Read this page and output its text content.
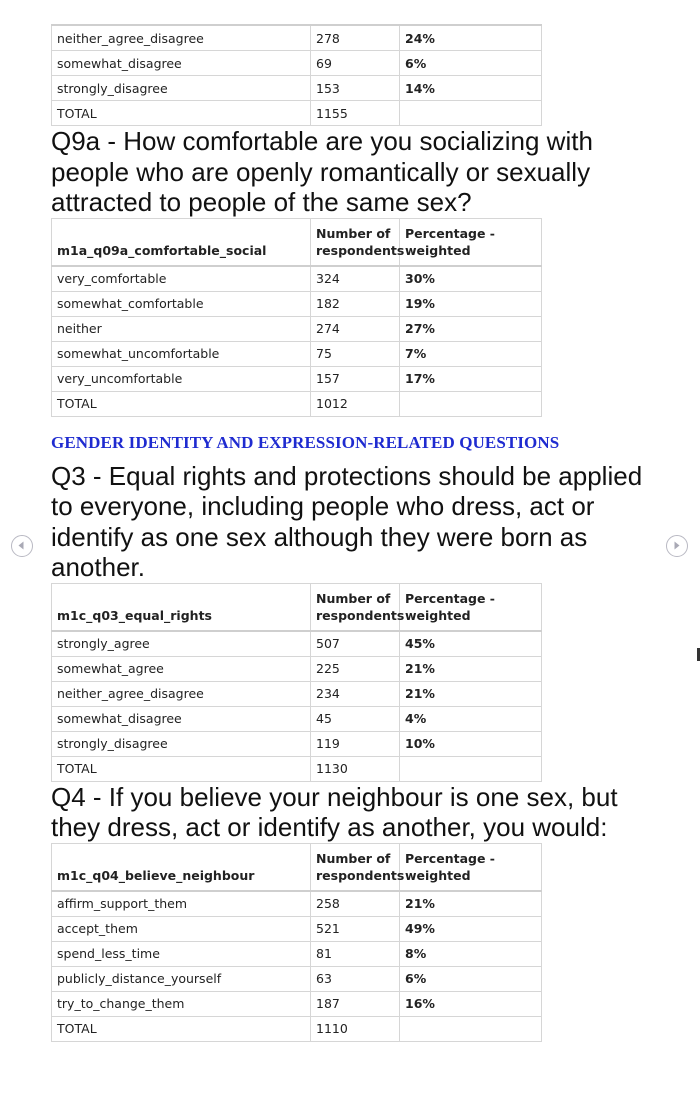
neither_agree_disagree	278	24%
somewhat_disagree	69	6%
strongly_disagree	153	14%
TOTAL	1155	
Q9a - How comfortable are you socializing with people who are openly romantically or sexually attracted to people of the same sex?
	Number of	Percentage -
m1a_q09a_comfortable_social	respondents	weighted
very_comfortable	324	30%
somewhat_comfortable	182	19%
neither	274	27%
somewhat_uncomfortable	75	7%
very_uncomfortable	157	17%
TOTAL	1012	
GENDER IDENTITY AND EXPRESSION-RELATED QUESTIONS
Q3 - Equal rights and protections should be applied to everyone, including people who dress, act or identify as one sex although they were born as another.
	Number of	Percentage -
m1c_q03_equal_rights	respondents	weighted
strongly_agree	507	45%
somewhat_agree	225	21%
neither_agree_disagree	234	21%
somewhat_disagree	45	4%
strongly_disagree	119	10%
TOTAL	1130	
Q4 - If you believe your neighbour is one sex, but they dress, act or identify as another, you would:
	Number of	Percentage -
m1c_q04_believe_neighbour	respondents	weighted
affirm_support_them	258	21%
accept_them	521	49%
spend_less_time	81	8%
publicly_distance_yourself	63	6%
try_to_change_them	187	16%
TOTAL	1110	
